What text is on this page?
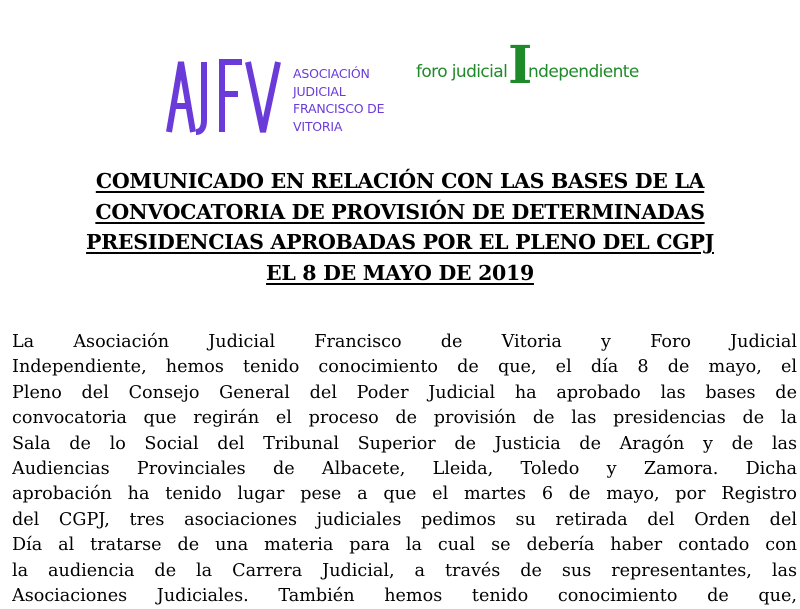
ASOCIACIÓN
JUDICIAL
FRANCISCO DE
VITORIA
foro judicial I
ndependiente
COMUNICADO EN RELACIÓN CON LAS BASES DE LA
CONVOCATORIA DE PROVISIÓN DE DETERMINADAS
PRESIDENCIAS APROBADAS POR EL PLENO DEL CGPJ
EL 8 DE MAYO DE 2019
La Asociación Judicial Francisco de Vitoria y Foro Judicial
Independiente, hemos tenido conocimiento de que, el día 8 de mayo, el
Pleno del Consejo General del Poder Judicial ha aprobado las bases de
convocatoria que regirán el proceso de provisión de las presidencias de la
Sala de lo Social del Tribunal Superior de Justicia de Aragón y de las
Audiencias Provinciales de Albacete, Lleida, Toledo y Zamora. Dicha
aprobación ha tenido lugar pese a que el martes 6 de mayo, por Registro
del CGPJ, tres asociaciones judiciales pedimos su retirada del Orden del
Día al tratarse de una materia para la cual se debería haber contado con
la audiencia de la Carrera Judicial, a través de sus representantes, las
Asociaciones Judiciales. También hemos tenido conocimiento de que,
